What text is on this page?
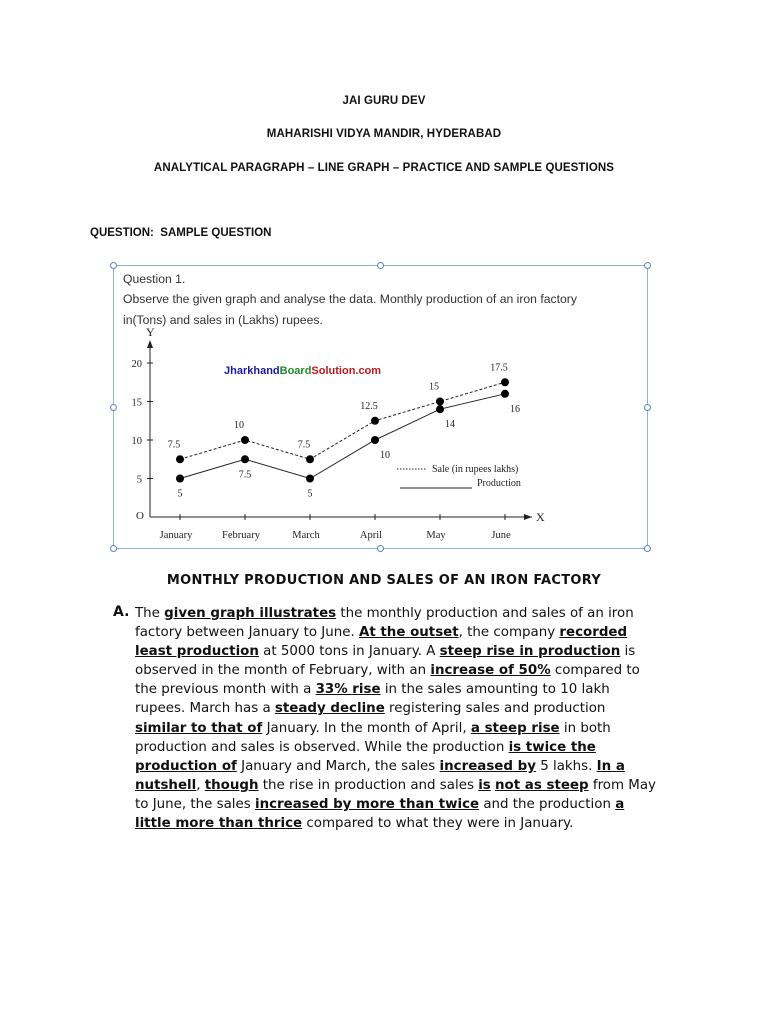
JAI GURU DEV
MAHARISHI VIDYA MANDIR, HYDERABAD
ANALYTICAL PARAGRAPH – LINE GRAPH – PRACTICE AND SAMPLE QUESTIONS
QUESTION:  SAMPLE QUESTION
Question 1.
Observe the given graph and analyse the data. Monthly production of an iron factory
in(Tons) and sales in (Lakhs) rupees.
JharkhandBoardSolution.com
X
Y
O
5
10
15
20
January	February	March	April	May	June
7.5
10
7.5
12.5
15
17.5
5
7.5
5
10
14
16
Sale (in rupees lakhs)
Production
MONTHLY PRODUCTION AND SALES OF AN IRON FACTORY
A. The given graph illustrates the monthly production and sales of an iron
factory between January to June. At the outset, the company recorded
least production at 5000 tons in January. A steep rise in production is
observed in the month of February, with an increase of 50% compared to
the previous month with a 33% rise in the sales amounting to 10 lakh
rupees. March has a steady decline registering sales and production
similar to that of January. In the month of April, a steep rise in both
production and sales is observed. While the production is twice the
production of January and March, the sales increased by 5 lakhs. In a
nutshell, though the rise in production and sales is not as steep from May
to June, the sales increased by more than twice and the production a
little more than thrice compared to what they were in January.
